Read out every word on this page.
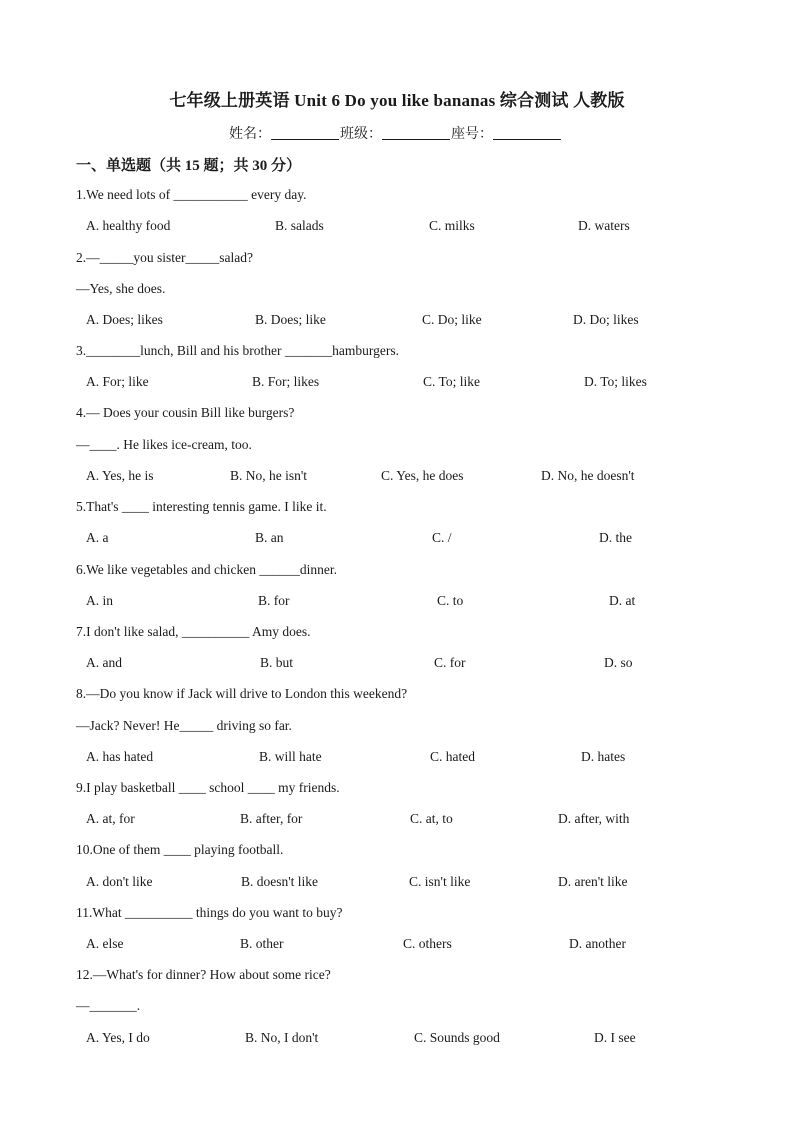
七年级上册英语 Unit 6 Do you like bananas 综合测试 人教版
姓名：	班级：	座号：
一、单选题（共 15 题；共 30 分）
1.We need lots of ___________ every day.
A. healthy food	B. salads	C. milks	D. waters
2.—_____you sister_____salad?
—Yes, she does.
A. Does; likes	B. Does; like	C. Do; like	D. Do; likes
3.________lunch, Bill and his brother _______hamburgers.
A. For; like	B. For; likes	C. To; like	D. To; likes
4.— Does your cousin Bill like burgers?
—____. He likes ice-cream, too.
A. Yes, he is	B. No, he isn't	C. Yes, he does	D. No, he doesn't
5.That's ____ interesting tennis game. I like it.
A. a	B. an	C. /	D. the
6.We like vegetables and chicken ______dinner.
A. in	B. for	C. to	D. at
7.I don't like salad, __________ Amy does.
A. and	B. but	C. for	D. so
8.—Do you know if Jack will drive to London this weekend?
—Jack? Never! He_____ driving so far.
A. has hated	B. will hate	C. hated	D. hates
9.I play basketball ____ school ____ my friends.
A. at, for	B. after, for	C. at, to	D. after, with
10.One of them ____ playing football.
A. don't like	B. doesn't like	C. isn't like	D. aren't like
11.What __________ things do you want to buy?
A. else	B. other	C. others	D. another
12.—What's for dinner? How about some rice?
—_______.
A. Yes, I do	B. No, I don't	C. Sounds good	D. I see
